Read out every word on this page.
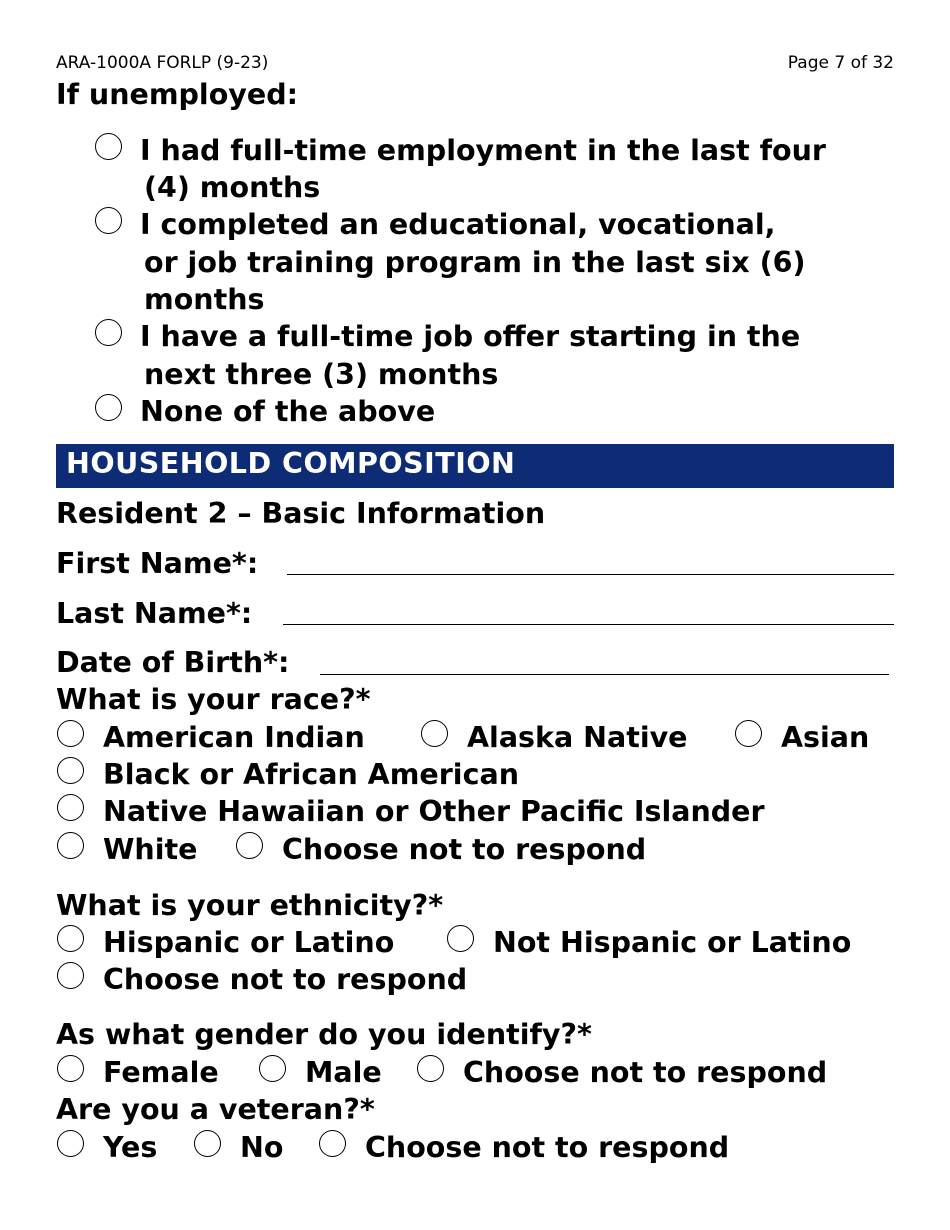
ARA-1000A FORLP (9-23)	Page 7 of 32
If unemployed:
I had full-time employment in the last four
(4) months
I completed an educational, vocational,
or job training program in the last six (6)
months
I have a full-time job offer starting in the
next three (3) months
None of the above
HOUSEHOLD COMPOSITION
Resident 2 – Basic Information
First Name*:
Last Name*:
Date of Birth*:
What is your race?*
American Indian	Alaska Native	Asian
Black or African American
Native Hawaiian or Other Pacific Islander
White	Choose not to respond
What is your ethnicity?*
Hispanic or Latino	Not Hispanic or Latino
Choose not to respond
As what gender do you identify?*
Female	Male	Choose not to respond
Are you a veteran?*
Yes	No	Choose not to respond
